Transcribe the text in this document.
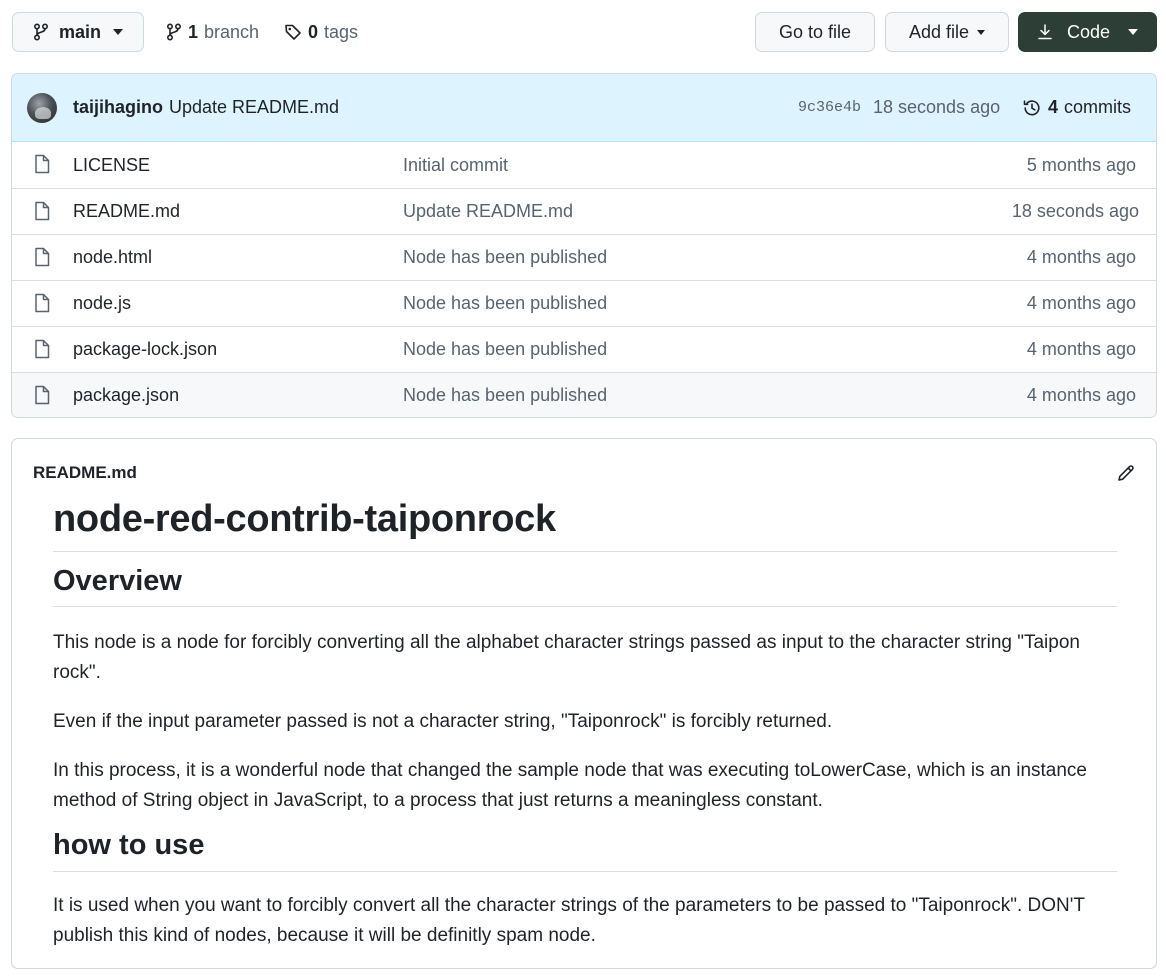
main	1 branch	0 tags	Go to file	Add file	Code
taijihagino Update README.md	9c36e4b 18 seconds ago	4 commits
LICENSE	Initial commit	5 months ago
README.md	Update README.md	18 seconds ago
node.html	Node has been published	4 months ago
node.js	Node has been published	4 months ago
package-lock.json	Node has been published	4 months ago
package.json	Node has been published	4 months ago
README.md
node-red-contrib-taiponrock
Overview

This node is a node for forcibly converting all the alphabet character strings passed as input to the character string "Taipon rock".

Even if the input parameter passed is not a character string, "Taiponrock" is forcibly returned.

In this process, it is a wonderful node that changed the sample node that was executing toLowerCase, which is an instance method of String object in JavaScript, to a process that just returns a meaningless constant.

how to use

It is used when you want to forcibly convert all the character strings of the parameters to be passed to "Taiponrock". DON'T publish this kind of nodes, because it will be definitly spam node.
